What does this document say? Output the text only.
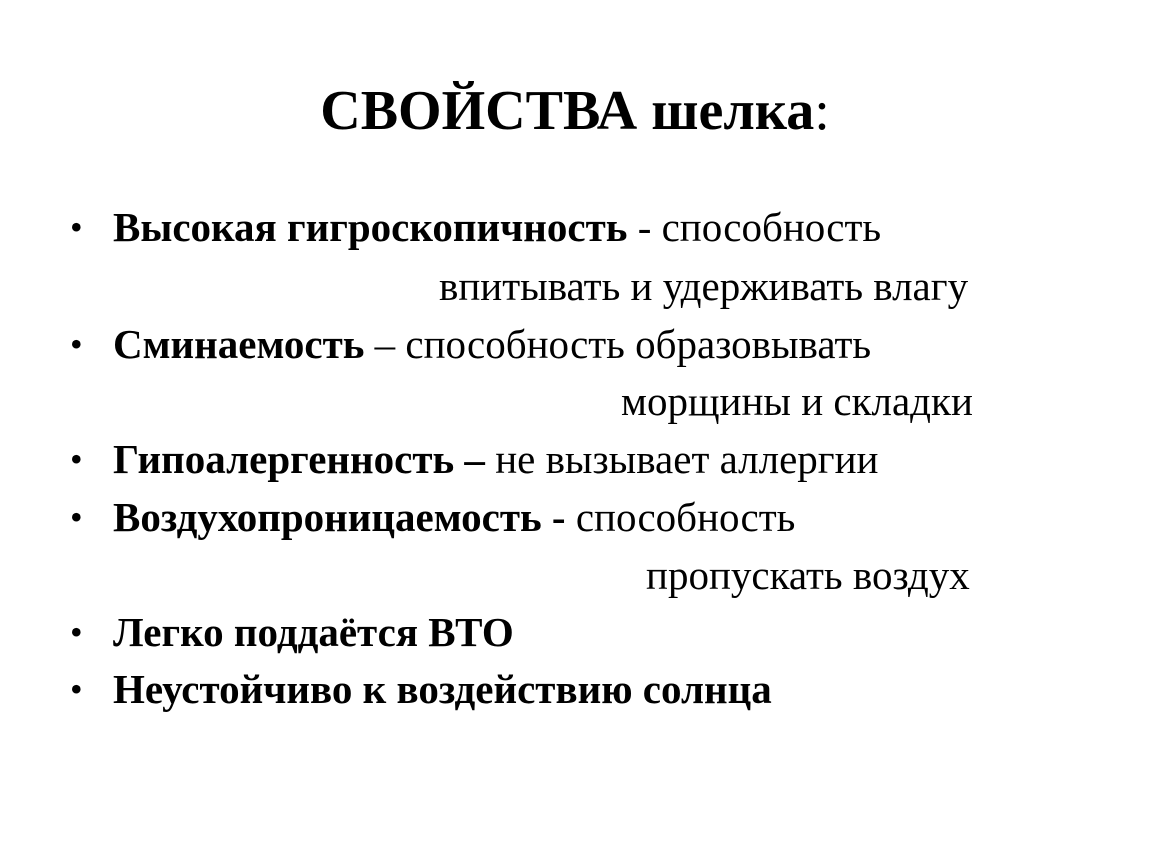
СВОЙСТВА шелка:
• Высокая гигроскопичность - способность
впитывать и удерживать влагу
• Сминаемость – способность образовывать
морщины и складки
• Гипоалергенность – не вызывает аллергии
• Воздухопроницаемость - способность
пропускать воздух
• Легко поддаётся ВТО
• Неустойчиво к воздействию солнца
